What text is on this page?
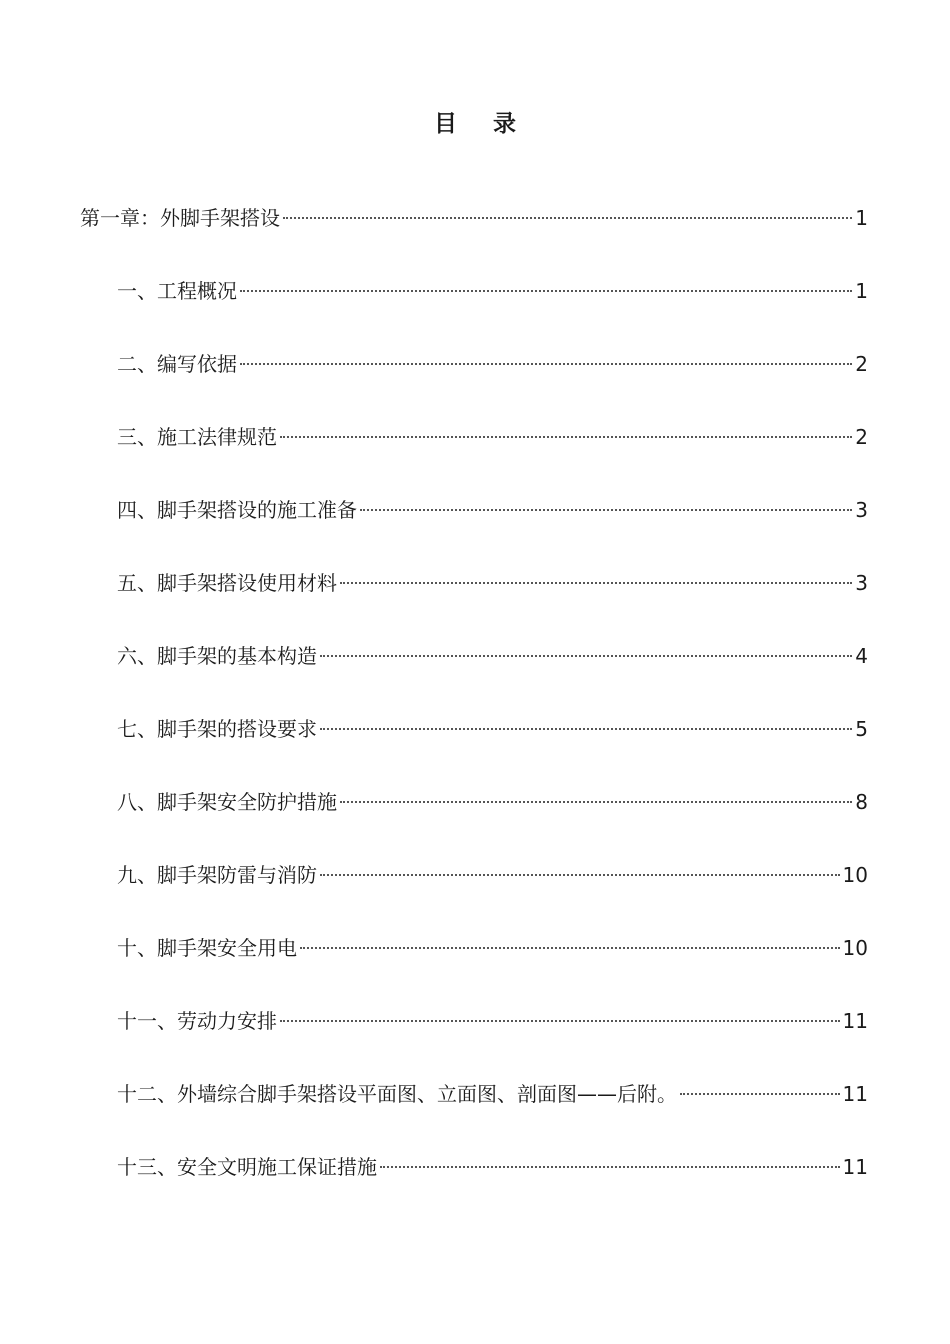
目 录
第一章：外脚手架搭设	1
一、工程概况	1
二、编写依据	2
三、施工法律规范	2
四、脚手架搭设的施工准备	3
五、脚手架搭设使用材料	3
六、脚手架的基本构造	4
七、脚手架的搭设要求	5
八、脚手架安全防护措施	8
九、脚手架防雷与消防	10
十、脚手架安全用电	10
十一、劳动力安排	11
十二、外墙综合脚手架搭设平面图、立面图、剖面图——后附。	11
十三、安全文明施工保证措施	11
